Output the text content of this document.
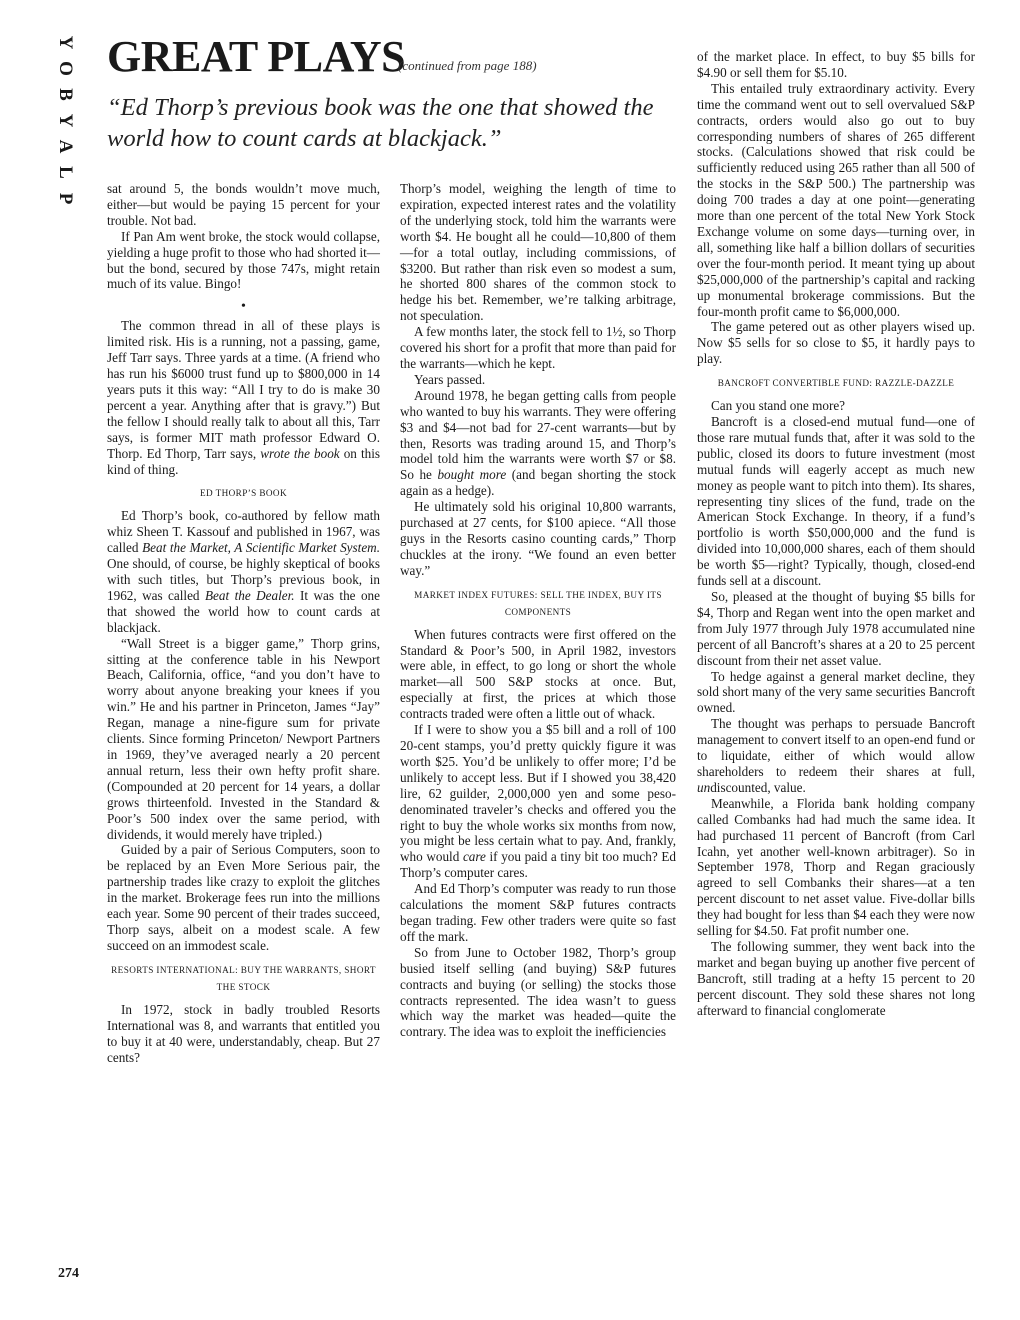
Y
O
B
Y
A
L
P
GREAT PLAYS
(continued from page 188)
“Ed Thorp’s previous book was the one that showed the world how to count cards at blackjack.”

sat around 5, the bonds wouldn’t move much, either—but would be paying 15 percent for your trouble. Not bad.

If Pan Am went broke, the stock would collapse, yielding a huge profit to those who had shorted it—but the bond, secured by those 747s, might retain much of its value. Bingo!

•

The common thread in all of these plays is limited risk. His is a running, not a passing, game, Jeff Tarr says. Three yards at a time. (A friend who has run his $6000 trust fund up to $800,000 in 14 years puts it this way: “All I try to do is make 30 percent a year. Anything after that is gravy.”) But the fellow I should really talk to about all this, Tarr says, is former MIT math professor Edward O. Thorp. Ed Thorp, Tarr says, wrote the book on this kind of thing.

ED THORP’S BOOK

Ed Thorp’s book, co-authored by fellow math whiz Sheen T. Kassouf and published in 1967, was called Beat the Market, A Scientific Market System. One should, of course, be highly skeptical of books with such titles, but Thorp’s previous book, in 1962, was called Beat the Dealer. It was the one that showed the world how to count cards at blackjack.

“Wall Street is a bigger game,” Thorp grins, sitting at the conference table in his Newport Beach, California, office, “and you don’t have to worry about anyone breaking your knees if you win.” He and his partner in Princeton, James “Jay” Regan, manage a nine-figure sum for private clients. Since forming Princeton/ Newport Partners in 1969, they’ve averaged nearly a 20 percent annual return, less their own hefty profit share. (Compounded at 20 percent for 14 years, a dollar grows thirteenfold. Invested in the Standard & Poor’s 500 index over the same period, with dividends, it would merely have tripled.)

Guided by a pair of Serious Computers, soon to be replaced by an Even More Serious pair, the partnership trades like crazy to exploit the glitches in the market. Brokerage fees run into the millions each year. Some 90 percent of their trades succeed, Thorp says, albeit on a modest scale. A few succeed on an immodest scale.

RESORTS INTERNATIONAL: BUY THE WARRANTS, SHORT THE STOCK

In 1972, stock in badly troubled Resorts International was 8, and warrants that entitled you to buy it at 40 were, understandably, cheap. But 27 cents?

Thorp’s model, weighing the length of time to expiration, expected interest rates and the volatility of the underlying stock, told him the warrants were worth $4. He bought all he could—10,800 of them—for a total outlay, including commissions, of $3200. But rather than risk even so modest a sum, he shorted 800 shares of the common stock to hedge his bet. Remember, we’re talking arbitrage, not speculation.

A few months later, the stock fell to 1½, so Thorp covered his short for a profit that more than paid for the warrants—which he kept.

Years passed.

Around 1978, he began getting calls from people who wanted to buy his warrants. They were offering $3 and $4—not bad for 27-cent warrants—but by then, Resorts was trading around 15, and Thorp’s model told him the warrants were worth $7 or $8. So he bought more (and began shorting the stock again as a hedge).

He ultimately sold his original 10,800 warrants, purchased at 27 cents, for $100 apiece. “All those guys in the Resorts casino counting cards,” Thorp chuckles at the irony. “We found an even better way.”

MARKET INDEX FUTURES: SELL THE INDEX, BUY ITS COMPONENTS

When futures contracts were first offered on the Standard & Poor’s 500, in April 1982, investors were able, in effect, to go long or short the whole market—all 500 S&P stocks at once. But, especially at first, the prices at which those contracts traded were often a little out of whack.

If I were to show you a $5 bill and a roll of 100 20-cent stamps, you’d pretty quickly figure it was worth $25. You’d be unlikely to offer more; I’d be unlikely to accept less. But if I showed you 38,420 lire, 62 guilder, 2,000,000 yen and some peso-denominated traveler’s checks and offered you the right to buy the whole works six months from now, you might be less certain what to pay. And, frankly, who would care if you paid a tiny bit too much? Ed Thorp’s computer cares.

And Ed Thorp’s computer was ready to run those calculations the moment S&P futures contracts began trading. Few other traders were quite so fast off the mark.

So from June to October 1982, Thorp’s group busied itself selling (and buying) S&P futures contracts and buying (or selling) the stocks those contracts represented. The idea wasn’t to guess which way the market was headed—quite the contrary. The idea was to exploit the inefficiencies

of the market place. In effect, to buy $5 bills for $4.90 or sell them for $5.10.

This entailed truly extraordinary activity. Every time the command went out to sell overvalued S&P contracts, orders would also go out to buy corresponding numbers of shares of 265 different stocks. (Calculations showed that risk could be sufficiently reduced using 265 rather than all 500 of the stocks in the S&P 500.) The partnership was doing 700 trades a day at one point—generating more than one percent of the total New York Stock Exchange volume on some days—turning over, in all, something like half a billion dollars of securities over the four-month period. It meant tying up about $25,000,000 of the partnership’s capital and racking up monumental brokerage commissions. But the four-month profit came to $6,000,000.

The game petered out as other players wised up. Now $5 sells for so close to $5, it hardly pays to play.

BANCROFT CONVERTIBLE FUND: RAZZLE-DAZZLE

Can you stand one more?

Bancroft is a closed-end mutual fund—one of those rare mutual funds that, after it was sold to the public, closed its doors to future investment (most mutual funds will eagerly accept as much new money as people want to pitch into them). Its shares, representing tiny slices of the fund, trade on the American Stock Exchange. In theory, if a fund’s portfolio is worth $50,000,000 and the fund is divided into 10,000,000 shares, each of them should be worth $5—right? Typically, though, closed-end funds sell at a discount.

So, pleased at the thought of buying $5 bills for $4, Thorp and Regan went into the open market and from July 1977 through July 1978 accumulated nine percent of all Bancroft’s shares at a 20 to 25 percent discount from their net asset value.

To hedge against a general market decline, they sold short many of the very same securities Bancroft owned.

The thought was perhaps to persuade Bancroft management to convert itself to an open-end fund or to liquidate, either of which would allow shareholders to redeem their shares at full, undiscounted, value.

Meanwhile, a Florida bank holding company called Combanks had had much the same idea. It had purchased 11 percent of Bancroft (from Carl Icahn, yet another well-known arbitrager). So in September 1978, Thorp and Regan graciously agreed to sell Combanks their shares—at a ten percent discount to net asset value. Five-dollar bills they had bought for less than $4 each they were now selling for $4.50. Fat profit number one.

The following summer, they went back into the market and began buying up another five percent of Bancroft, still trading at a hefty 15 percent to 20 percent discount. They sold these shares not long afterward to financial conglomerate

274
